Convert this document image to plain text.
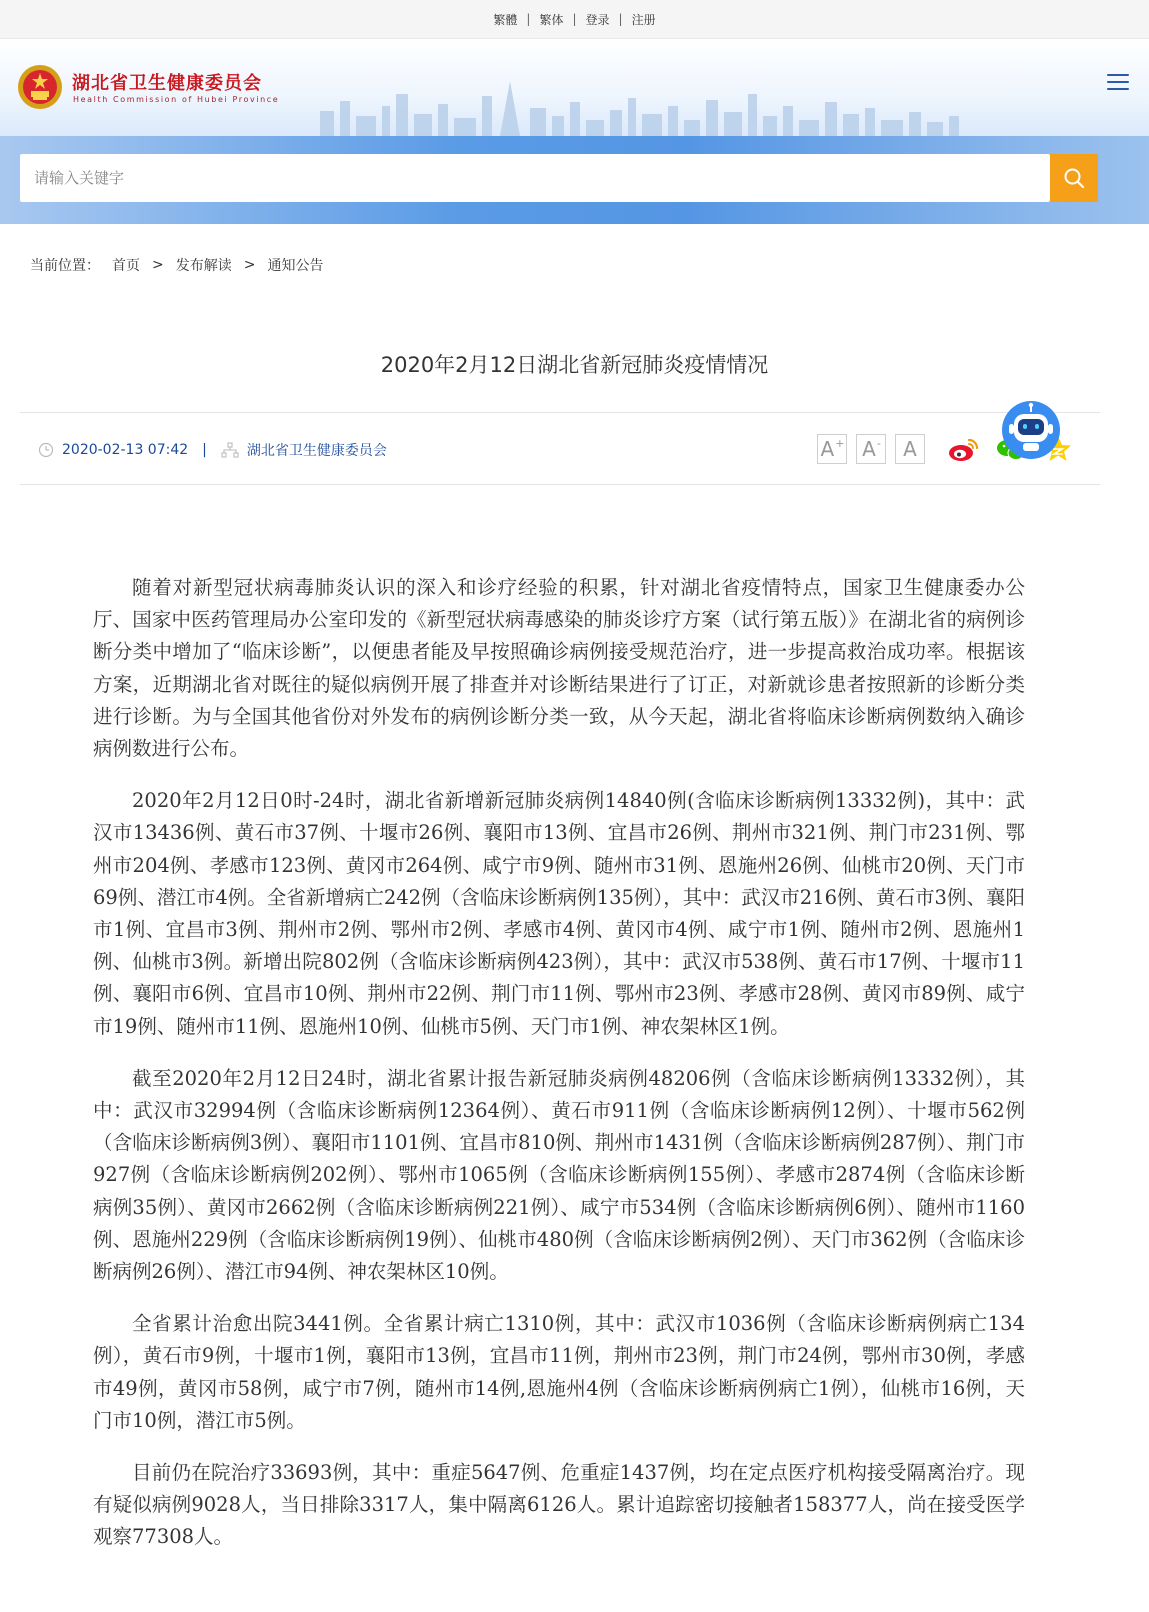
繁體 | 繁体 | 登录 | 注册
湖北省卫生健康委员会
Health Commission of Hubei Province
请输入关键字
当前位置： 首页 > 发布解读 > 通知公告
2020年2月12日湖北省新冠肺炎疫情情况
2020-02-13 07:42 |	湖北省卫生健康委员会	A+ A- A

随着对新型冠状病毒肺炎认识的深入和诊疗经验的积累，针对湖北省疫情特点，国家卫生健康委办公厅、国家中医药管理局办公室印发的《新型冠状病毒感染的肺炎诊疗方案（试行第五版）》在湖北省的病例诊断分类中增加了“临床诊断”，以便患者能及早按照确诊病例接受规范治疗，进一步提高救治成功率。根据该方案，近期湖北省对既往的疑似病例开展了排查并对诊断结果进行了订正，对新就诊患者按照新的诊断分类进行诊断。为与全国其他省份对外发布的病例诊断分类一致，从今天起，湖北省将临床诊断病例数纳入确诊病例数进行公布。

2020年2月12日0时-24时，湖北省新增新冠肺炎病例14840例(含临床诊断病例13332例)，其中：武汉市13436例、黄石市37例、十堰市26例、襄阳市13例、宜昌市26例、荆州市321例、荆门市231例、鄂州市204例、孝感市123例、黄冈市264例、咸宁市9例、随州市31例、恩施州26例、仙桃市20例、天门市69例、潜江市4例。全省新增病亡242例（含临床诊断病例135例），其中：武汉市216例、黄石市3例、襄阳市1例、宜昌市3例、荆州市2例、鄂州市2例、孝感市4例、黄冈市4例、咸宁市1例、随州市2例、恩施州1例、仙桃市3例。新增出院802例（含临床诊断病例423例），其中：武汉市538例、黄石市17例、十堰市11例、襄阳市6例、宜昌市10例、荆州市22例、荆门市11例、鄂州市23例、孝感市28例、黄冈市89例、咸宁市19例、随州市11例、恩施州10例、仙桃市5例、天门市1例、神农架林区1例。

截至2020年2月12日24时，湖北省累计报告新冠肺炎病例48206例（含临床诊断病例13332例），其中：武汉市32994例（含临床诊断病例12364例）、黄石市911例（含临床诊断病例12例）、十堰市562例（含临床诊断病例3例）、襄阳市1101例、宜昌市810例、荆州市1431例（含临床诊断病例287例）、荆门市927例（含临床诊断病例202例）、鄂州市1065例（含临床诊断病例155例）、孝感市2874例（含临床诊断病例35例）、黄冈市2662例（含临床诊断病例221例）、咸宁市534例（含临床诊断病例6例）、随州市1160例、恩施州229例（含临床诊断病例19例）、仙桃市480例（含临床诊断病例2例）、天门市362例（含临床诊断病例26例）、潜江市94例、神农架林区10例。

全省累计治愈出院3441例。全省累计病亡1310例，其中：武汉市1036例（含临床诊断病例病亡134例），黄石市9例，十堰市1例，襄阳市13例，宜昌市11例，荆州市23例，荆门市24例，鄂州市30例，孝感市49例，黄冈市58例，咸宁市7例，随州市14例,恩施州4例（含临床诊断病例病亡1例），仙桃市16例，天门市10例，潜江市5例。

目前仍在院治疗33693例，其中：重症5647例、危重症1437例，均在定点医疗机构接受隔离治疗。现有疑似病例9028人，当日排除3317人，集中隔离6126人。累计追踪密切接触者158377人，尚在接受医学观察77308人。
